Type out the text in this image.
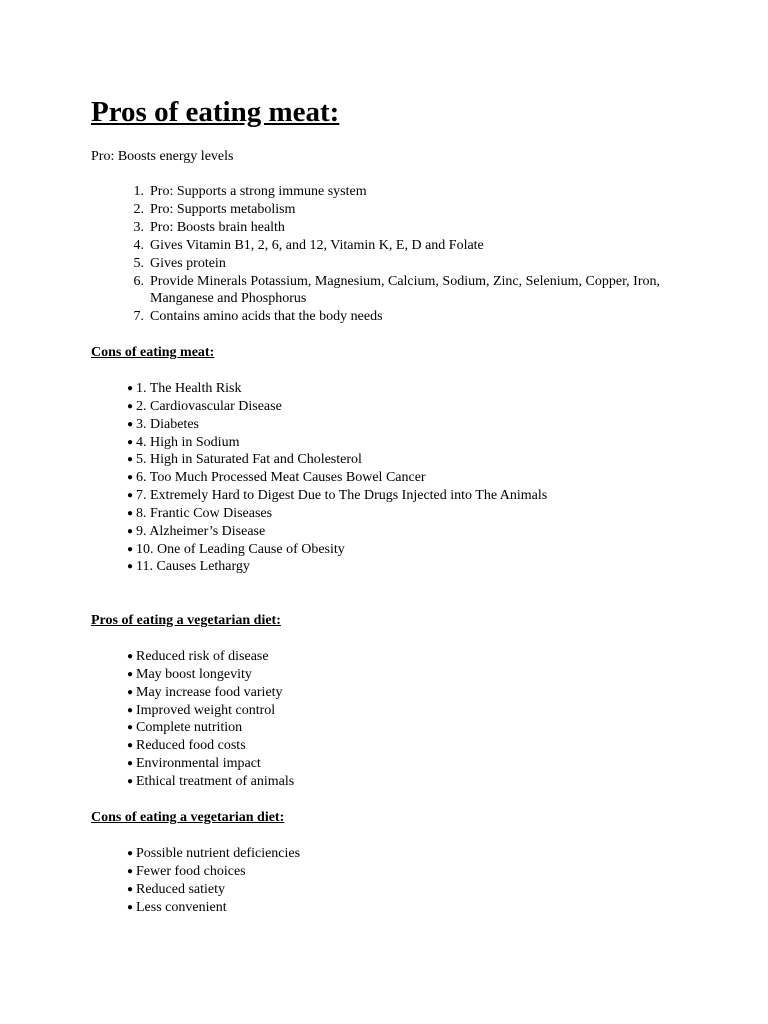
Pros of eating meat:
Pro: Boosts energy levels
1. Pro: Supports a strong immune system
2. Pro: Supports metabolism
3. Pro: Boosts brain health
4. Gives Vitamin B1, 2, 6, and 12, Vitamin K, E, D and Folate
5. Gives protein
6. Provide Minerals Potassium, Magnesium, Calcium, Sodium, Zinc, Selenium, Copper, Iron, Manganese and Phosphorus
7. Contains amino acids that the body needs
Cons of eating meat:
● 1. The Health Risk
● 2. Cardiovascular Disease
● 3. Diabetes
● 4. High in Sodium
● 5. High in Saturated Fat and Cholesterol
● 6. Too Much Processed Meat Causes Bowel Cancer
● 7. Extremely Hard to Digest Due to The Drugs Injected into The Animals
● 8. Frantic Cow Diseases
● 9. Alzheimer’s Disease
● 10. One of Leading Cause of Obesity
● 11. Causes Lethargy
Pros of eating a vegetarian diet:
● Reduced risk of disease
● May boost longevity
● May increase food variety
● Improved weight control
● Complete nutrition
● Reduced food costs
● Environmental impact
● Ethical treatment of animals
Cons of eating a vegetarian diet:
● Possible nutrient deficiencies
● Fewer food choices
● Reduced satiety
● Less convenient
